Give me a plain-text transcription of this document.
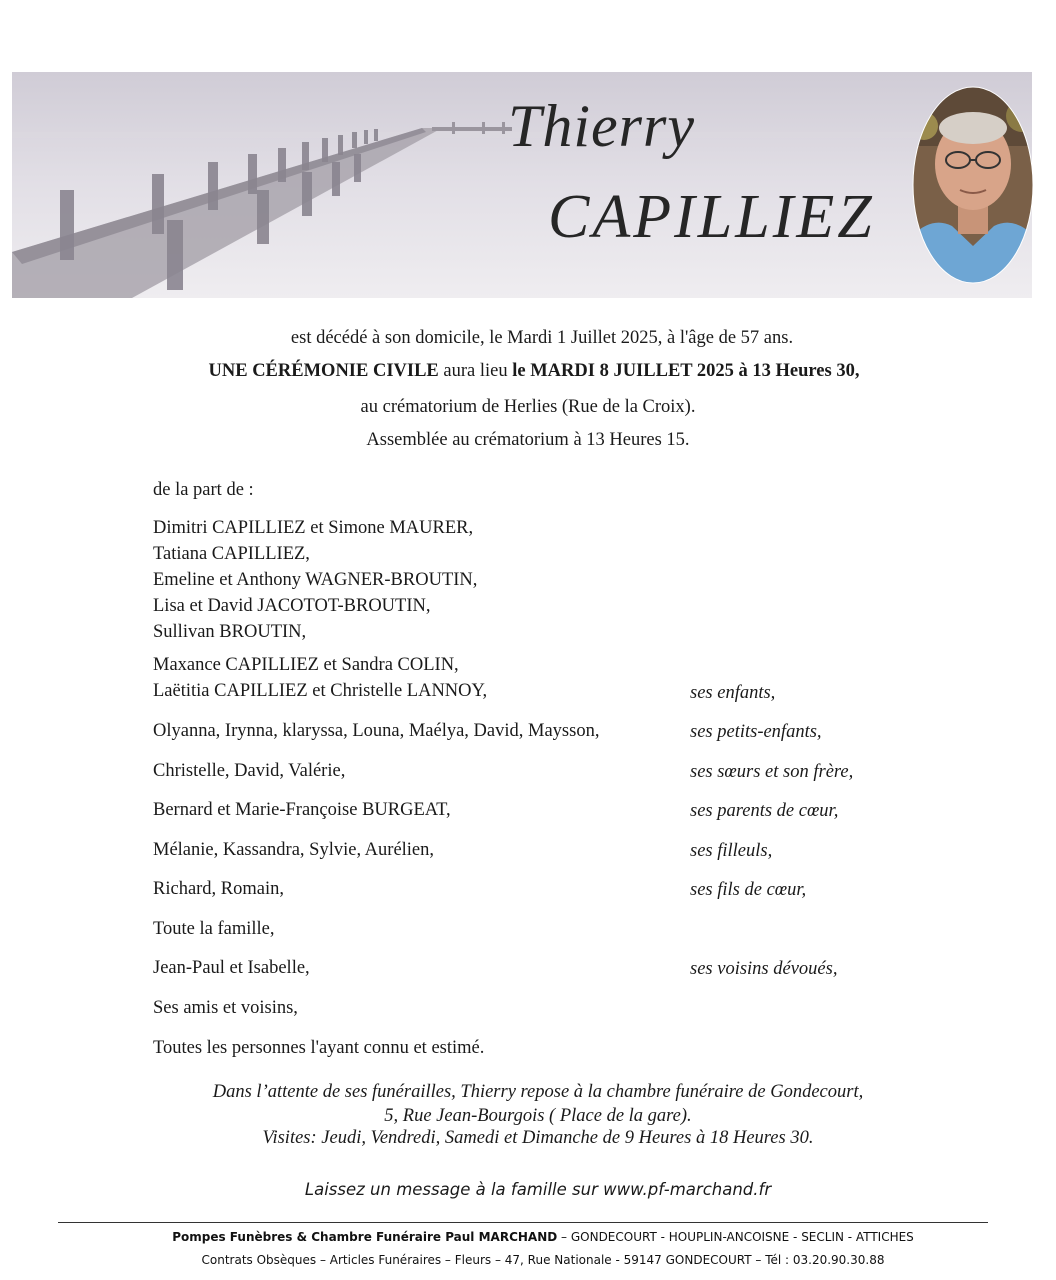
Thierry
CAPILLIEZ
est décédé à son domicile, le Mardi 1 Juillet 2025, à l'âge de 57 ans.
UNE CÉRÉMONIE CIVILE aura lieu le MARDI 8 JUILLET 2025 à 13 Heures 30,
au crématorium de Herlies (Rue de la Croix).
Assemblée au crématorium à 13 Heures 15.
de la part de :
Dimitri CAPILLIEZ et Simone MAURER,
Tatiana CAPILLIEZ,
Emeline et Anthony WAGNER-BROUTIN,
Lisa et David JACOTOT-BROUTIN,
Sullivan BROUTIN,
Maxance CAPILLIEZ et Sandra COLIN,
Laëtitia CAPILLIEZ et Christelle LANNOY,	ses enfants,
Olyanna, Irynna, klaryssa, Louna, Maélya, David, Maysson,	ses petits-enfants,
Christelle, David, Valérie,	ses sœurs et son frère,
Bernard et Marie-Françoise BURGEAT,	ses parents de cœur,
Mélanie, Kassandra, Sylvie, Aurélien,	ses filleuls,
Richard, Romain,	ses fils de cœur,
Toute la famille,
Jean-Paul et Isabelle,	ses voisins dévoués,
Ses amis et voisins,
Toutes les personnes l'ayant connu et estimé.
Dans l’attente de ses funérailles, Thierry repose à la chambre funéraire de Gondecourt,
5, Rue Jean-Bourgois ( Place de la gare).
Visites: Jeudi, Vendredi, Samedi et Dimanche de 9 Heures à 18 Heures 30.
Laissez un message à la famille sur www.pf-marchand.fr
Pompes Funèbres & Chambre Funéraire Paul MARCHAND – GONDECOURT - HOUPLIN-ANCOISNE - SECLIN - ATTICHES
Contrats Obsèques – Articles Funéraires – Fleurs – 47, Rue Nationale - 59147 GONDECOURT – Tél : 03.20.90.30.88
